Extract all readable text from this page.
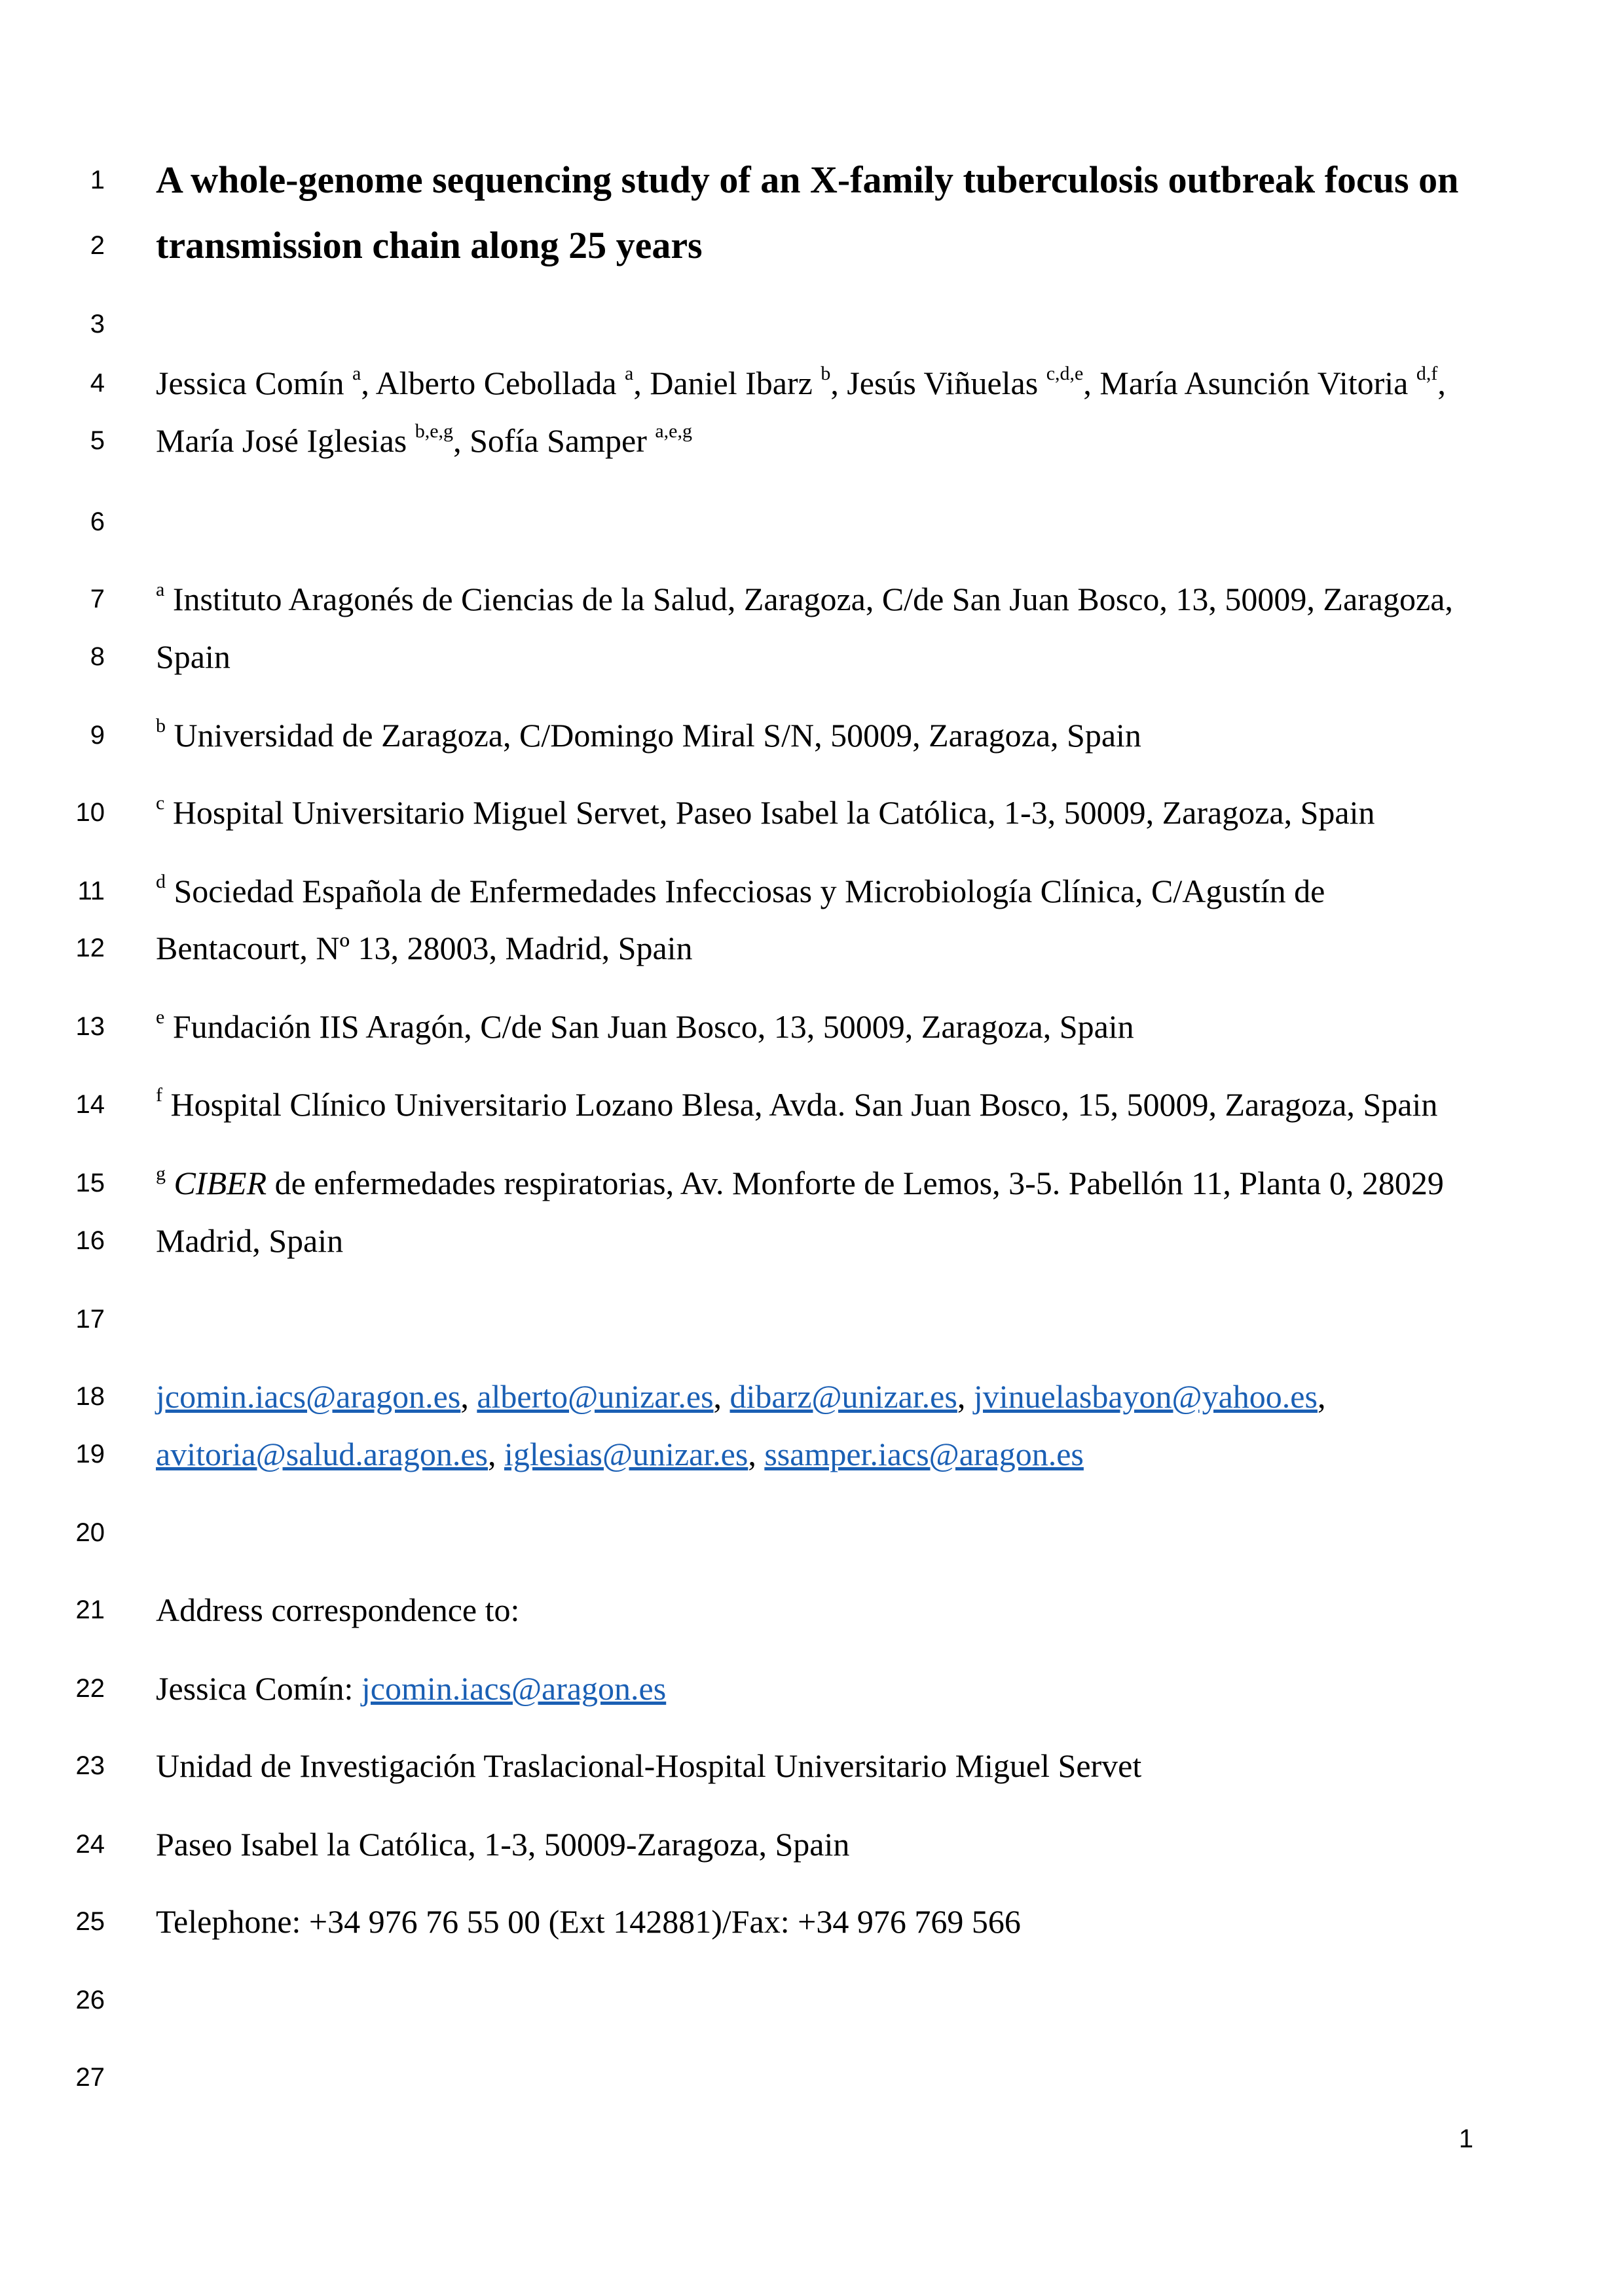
1 A whole-genome sequencing study of an X-family tuberculosis outbreak focus on
2 transmission chain along 25 years
3
4 Jessica Comín $^a$, Alberto Cebollada $^a$, Daniel Ibarz $^b$, Jesús Viñuelas $^{c,d,e}$, María Asunción Vitoria $^{d,f}$,
5 María José Iglesias $^{b,e,g}$, Sofía Samper $^{a,e,g}$
6
7	$^a$ Instituto Aragonés de Ciencias de la Salud, Zaragoza, C/de San Juan Bosco, 13, 50009, Zaragoza,
8 Spain
9	$^b$ Universidad de Zaragoza, C/Domingo Miral S/N, 50009, Zaragoza, Spain
10	$^c$ Hospital Universitario Miguel Servet, Paseo Isabel la Católica, 1-3, 50009, Zaragoza, Spain
11	$^d$ Sociedad Española de Enfermedades Infecciosas y Microbiología Clínica, C/Agustín de
12 Bentacourt, Nº 13, 28003, Madrid, Spain
13	$^e$ Fundación IIS Aragón, C/de San Juan Bosco, 13, 50009, Zaragoza, Spain
14	$^f$ Hospital Clínico Universitario Lozano Blesa, Avda. San Juan Bosco, 15, 50009, Zaragoza, Spain
15	$^g$ CIBER de enfermedades respiratorias, Av. Monforte de Lemos, 3-5. Pabellón 11, Planta 0, 28029
16 Madrid, Spain
17
18 jcomin.iacs@aragon.es, alberto@unizar.es, dibarz@unizar.es, jvinuelasbayon@yahoo.es,
19 avitoria@salud.aragon.es, iglesias@unizar.es, ssamper.iacs@aragon.es
20
21 Address correspondence to:
22 Jessica Comín: jcomin.iacs@aragon.es
23 Unidad de Investigación Traslacional-Hospital Universitario Miguel Servet
24 Paseo Isabel la Católica, 1-3, 50009-Zaragoza, Spain
25 Telephone: +34 976 76 55 00 (Ext 142881)/Fax: +34 976 769 566
26
27
1
